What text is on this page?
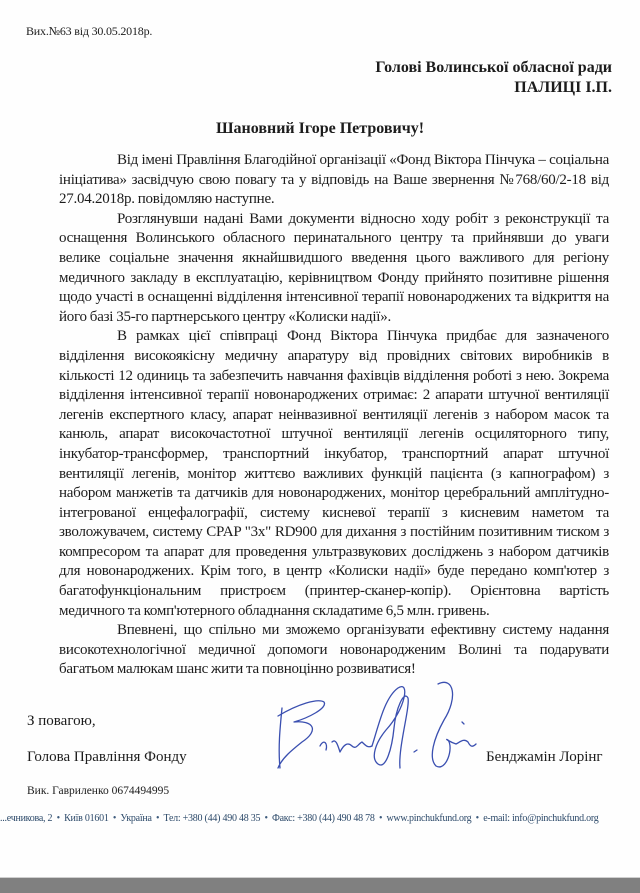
Вих.№63 від 30.05.2018р.
Голові Волинської обласної ради
ПАЛИЦІ І.П.
Шановний Ігоре Петровичу!

Від імені Правління Благодійної організації «Фонд Віктора Пінчука – соціальна ініціатива» засвідчую свою повагу та у відповідь на Ваше звернення №768/60/2-18 від 27.04.2018р. повідомляю наступне.

Розглянувши надані Вами документи відносно ходу робіт з реконструкції та оснащення Волинського обласного перинатального центру та прийнявши до уваги велике соціальне значення якнайшвидшого введення цього важливого для регіону медичного закладу в експлуатацію, керівництвом Фонду прийнято позитивне рішення щодо участі в оснащенні відділення інтенсивної терапії новонароджених та відкриття на його базі 35-го партнерського центру «Колиски надії».

В рамках цієї співпраці Фонд Віктора Пінчука придбає для зазначеного відділення високоякісну медичну апаратуру від провідних світових виробників в кількості 12 одиниць та забезпечить навчання фахівців відділення роботі з нею. Зокрема відділення інтенсивної терапії новонароджених отримає: 2 апарати штучної вентиляції легенів експертного класу, апарат неінвазивної вентиляції легенів з набором масок та канюль, апарат високочастотної штучної вентиляції легенів осциляторного типу, інкубатор-трансформер, транспортний інкубатор, транспортний апарат штучної вентиляції легенів, монітор життєво важливих функцій пацієнта (з капнографом) з набором манжетів та датчиків для новонароджених, монітор церебральний амплітудно-інтегрованої енцефалографії, систему кисневої терапії з кисневим наметом та зволожувачем, систему CPAP "3x" RD900 для дихання з постійним позитивним тиском з компресором та апарат для проведення ультразвукових досліджень з набором датчиків для новонароджених. Крім того, в центр «Колиски надії» буде передано комп'ютер з багатофункціональним пристроєм (принтер-сканер-копір). Орієнтовна вартість медичного та комп'ютерного обладнання складатиме 6,5 млн. гривень.

Впевнені, що спільно ми зможемо організувати ефективну систему надання високотехнологічної медичної допомоги новонародженим Волині та подарувати багатьом малюкам шанс жити та повноцінно розвиватися!

З повагою,
Голова Правління Фонду	Бенджамін Лорінг
Вик. Гавриленко 0674494995
...ечникова, 2 • Київ 01601 • Україна • Тел: +380 (44) 490 48 35 • Факс: +380 (44) 490 48 78 • www.pinchukfund.org • e-mail: info@pinchukfund.org
